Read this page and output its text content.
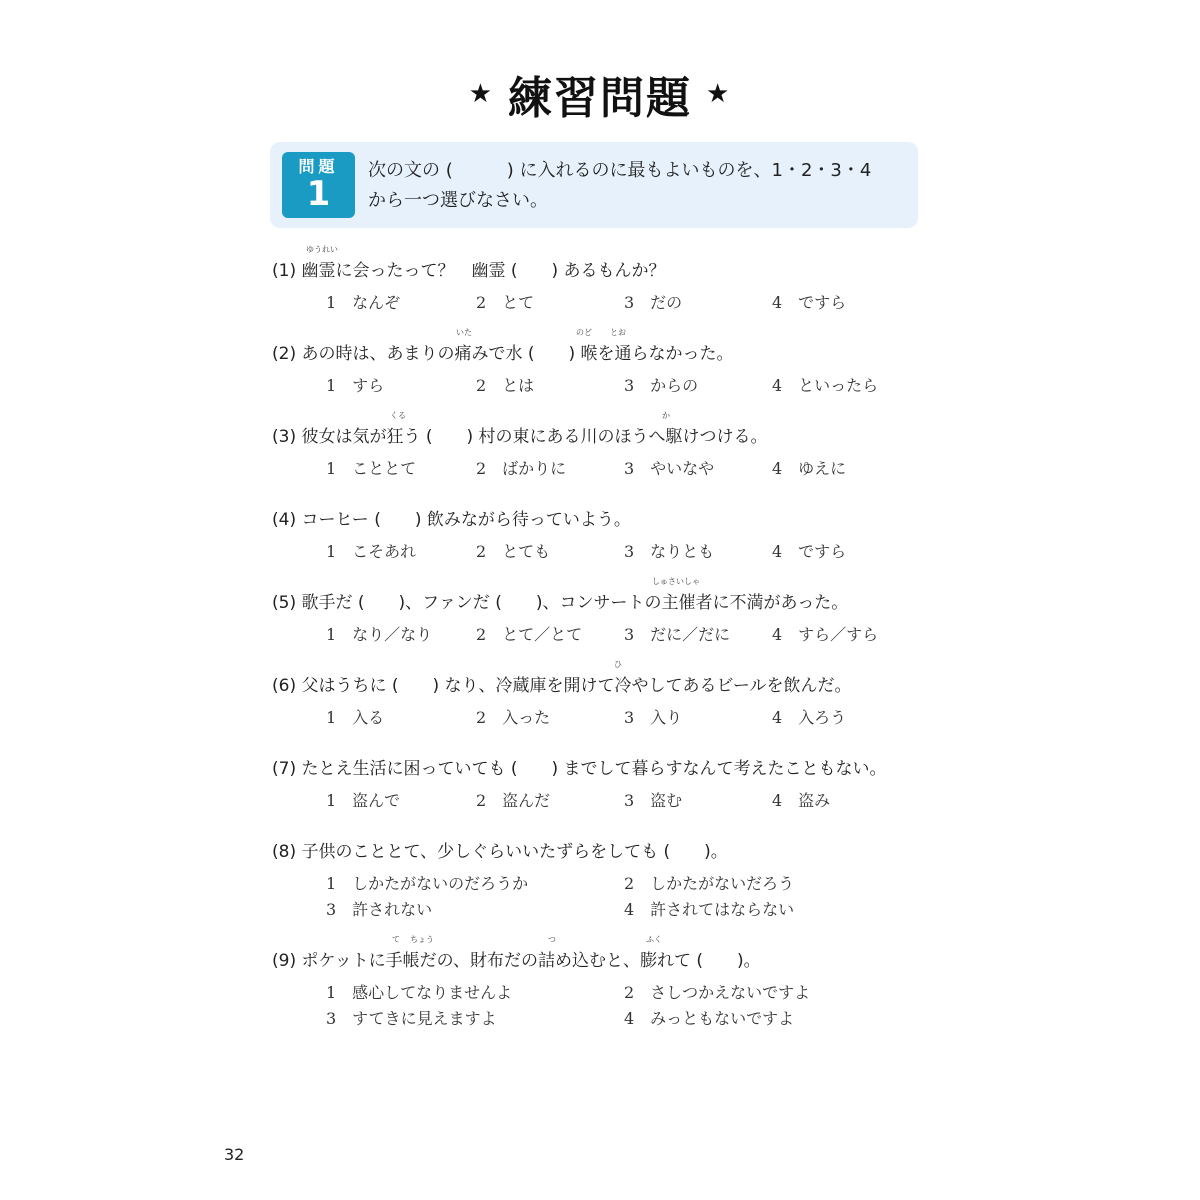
★ 練習問題 ★
問題
1
次の文の (　　　) に入れるのに最もよいものを、1・2・3・4
から一つ選びなさい。
(1) 幽霊に会ったって？　幽霊 (　　) あるもんか？
ゆうれい
1　なんぞ	2　とて	3　だの	4　ですら
(2) あの時は、あまりの痛みで水 (　　) 喉を通らなかった。
いた	のど とお
1　すら	2　とは	3　からの	4　といったら
(3) 彼女は気が狂う (　　) 村の東にある川のほうへ駆けつける。
くる	か
1　こととて	2　ばかりに	3　やいなや	4　ゆえに
(4) コーヒー (　　) 飲みながら待っていよう。
1　こそあれ	2　とても	3　なりとも	4　ですら
(5) 歌手だ (　　)、ファンだ (　　)、コンサートの主催者に不満があった。
しゅさいしゃ
1　なり／なり	2　とて／とて	3　だに／だに	4　すら／すら
(6) 父はうちに (　　) なり、冷蔵庫を開けて冷やしてあるビールを飲んだ。
ひ
1　入る	2　入った	3　入り	4　入ろう
(7) たとえ生活に困っていても (　　) までして暮らすなんて考えたこともない。
1　盗んで	2　盗んだ	3　盗む	4　盗み
(8) 子供のこととて、少しぐらいいたずらをしても (　　)。
1　しかたがないのだろうか	2　しかたがないだろう
3　許されない	4　許されてはならない
(9) ポケットに手帳だの、財布だの詰め込むと、膨れて (　　)。
て ちょう	つ	ふく
1　感心してなりませんよ	2　さしつかえないですよ
3　すてきに見えますよ	4　みっともないですよ
32
